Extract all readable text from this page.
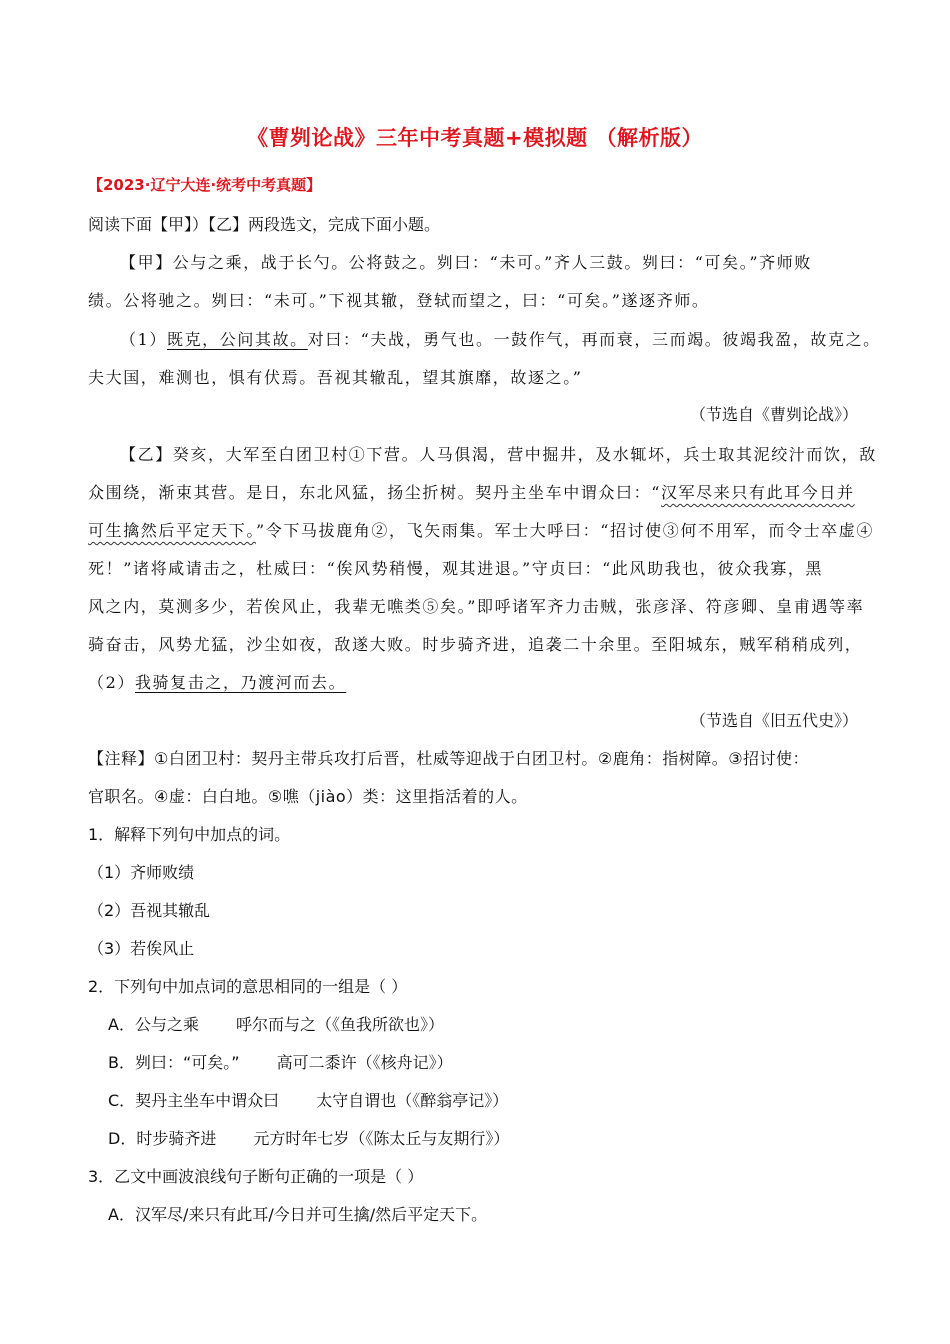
《曹刿论战》三年中考真题+模拟题 （解析版）
【2023·辽宁大连·统考中考真题】
阅读下面【甲】）【乙】两段选文，完成下面小题。
【甲】公与之乘，战于长勺。公将鼓之。刿曰：“未可。”齐人三鼓。刿曰：“可矣。”齐师败
绩。公将驰之。刿曰：“未可。”下视其辙，登轼而望之，曰：“可矣。”遂逐齐师。
（1）既克，公问其故。对曰：“夫战，勇气也。一鼓作气，再而衰，三而竭。彼竭我盈，故克之。
夫大国，难测也，惧有伏焉。吾视其辙乱，望其旗靡，故逐之。”
（节选自《曹刿论战》）
【乙】癸亥，大军至白团卫村①下营。人马俱渴，营中掘井，及水辄坏，兵士取其泥绞汁而饮，敌
众围绕，渐束其营。是日，东北风猛，扬尘折树。契丹主坐车中谓众曰：“汉军尽来只有此耳今日并
可生擒然后平定天下。”令下马拔鹿角②，飞矢雨集。军士大呼曰：“招讨使③何不用军，而令士卒虚④
死！”诸将咸请击之，杜威曰：“俟风势稍慢，观其进退。”守贞曰：“此风助我也，彼众我寡，黑
风之内，莫测多少，若俟风止，我辈无噍类⑤矣。”即呼诸军齐力击贼，张彦泽、符彦卿、皇甫遇等率
骑奋击，风势尤猛，沙尘如夜，敌遂大败。时步骑齐进，追袭二十余里。至阳城东，贼军稍稍成列，
（2）我骑复击之，乃渡河而去。
（节选自《旧五代史》）
【注释】①白团卫村：契丹主带兵攻打后晋，杜威等迎战于白团卫村。②鹿角：指树障。③招讨使：
官职名。④虚：白白地。⑤噍（jiào）类：这里指活着的人。
1．解释下列句中加点的词。
（1）齐师败绩
（2）吾视其辙乱
（3）若俟风止
2．下列句中加点词的意思相同的一组是（ ）
A．公与之乘　　 呼尔而与之（《鱼我所欲也》）
B．刿曰：“可矣。”　　 高可二黍许（《核舟记》）
C．契丹主坐车中谓众曰　　 太守自谓也（《醉翁亭记》）
D．时步骑齐进　　 元方时年七岁（《陈太丘与友期行》）
3．乙文中画波浪线句子断句正确的一项是（ ）
A．汉军尽/来只有此耳/今日并可生擒/然后平定天下。
